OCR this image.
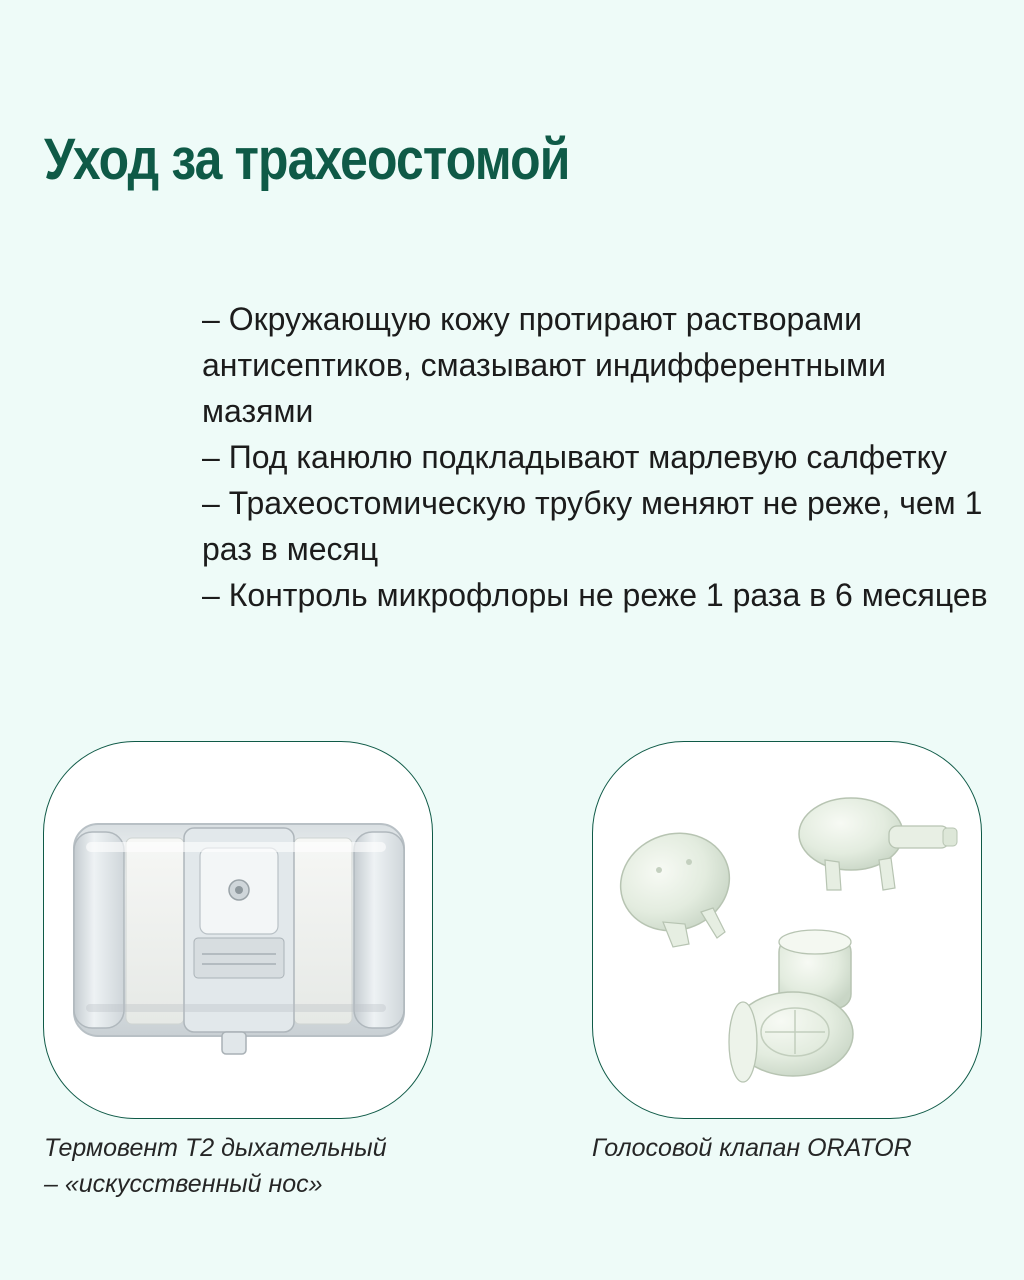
Уход за трахеостомой

– Окружающую кожу протирают растворами антисептиков, смазывают индифферентными мазями

– Под канюлю подкладывают марлевую салфетку

– Трахеостомическую трубку меняют не реже, чем 1 раз в месяц

– Контроль микрофлоры не реже 1 раза в 6 месяцев

Термовент Т2 дыхательный
– «искусственный нос»

Голосовой клапан ORATOR
